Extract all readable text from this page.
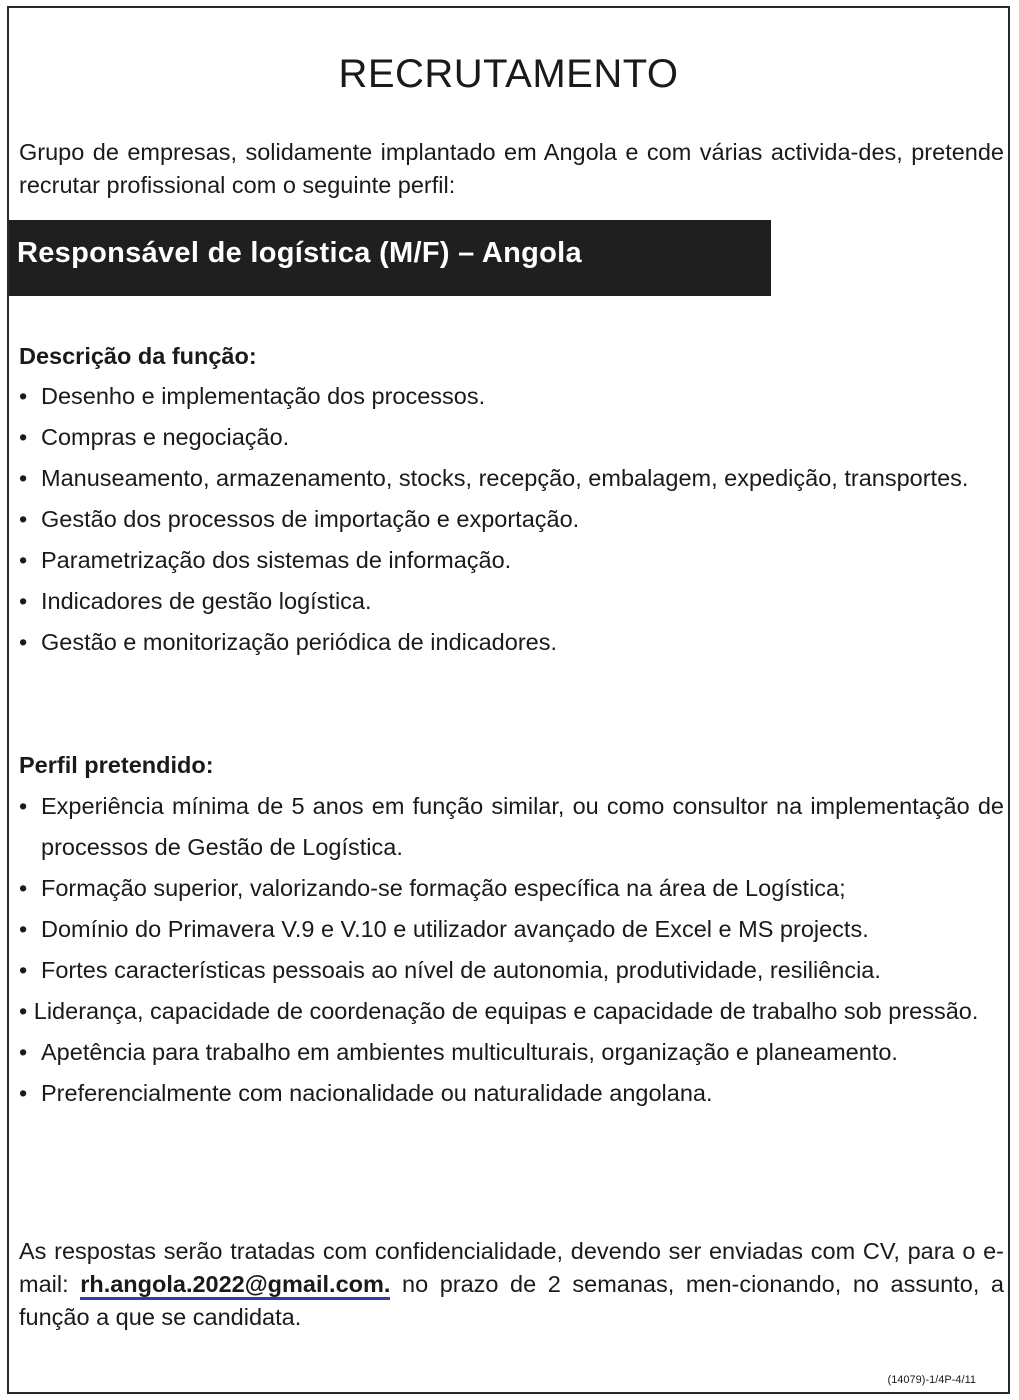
RECRUTAMENTO
Grupo de empresas, solidamente implantado em Angola e com várias activida-des, pretende recrutar profissional com o seguinte perfil:
Responsável de logística (M/F) – Angola
Descrição da função:
• Desenho e implementação dos processos.
• Compras e negociação.
• Manuseamento, armazenamento, stocks, recepção, embalagem, expedição, transportes.
• Gestão dos processos de importação e exportação.
• Parametrização dos sistemas de informação.
• Indicadores de gestão logística.
• Gestão e monitorização periódica de indicadores.
Perfil pretendido:
• Experiência mínima de 5 anos em função similar, ou como consultor na implementação de processos de Gestão de Logística.
• Formação superior, valorizando-se formação específica na área de Logística;
• Domínio do Primavera V.9 e V.10 e utilizador avançado de Excel e MS projects.
• Fortes características pessoais ao nível de autonomia, produtividade, resiliência.
• Liderança, capacidade de coordenação de equipas e capacidade de trabalho sob pressão.
• Apetência para trabalho em ambientes multiculturais, organização e planeamento.
• Preferencialmente com nacionalidade ou naturalidade angolana.
As respostas serão tratadas com confidencialidade, devendo ser enviadas com CV, para o e-mail: rh.angola.2022@gmail.com. no prazo de 2 semanas, men-cionando, no assunto, a função a que se candidata.
(14079)-1/4P-4/11
